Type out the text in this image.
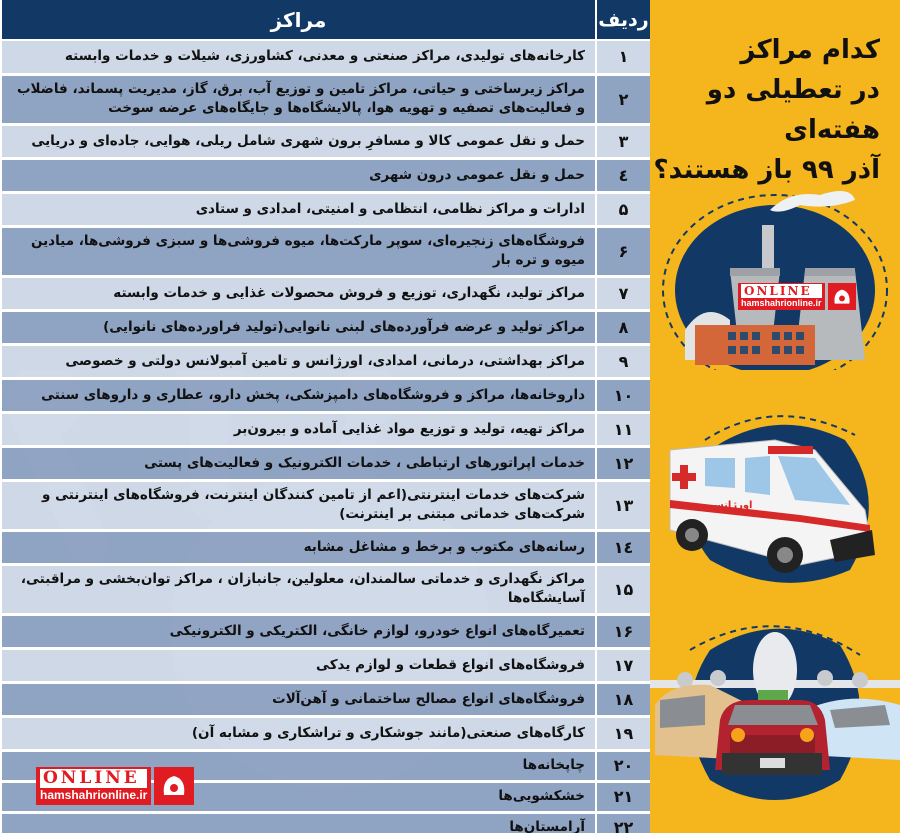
ردیف	مراکز
۱	کارخانه‌های تولیدی، مراکز صنعتی و معدنی، کشاورزی، شیلات و خدمات وابسته
۲	مراکز زیرساختی و حیاتی، مراکز تامین و توزیع آب، برق، گاز، مدیریت پسماند، فاضلاب و فعالیت‌های تصفیه و تهویه هوا، پالایشگاه‌ها و جایگاه‌های عرضه سوخت
۳	حمل و نقل عمومی کالا و مسافرِ برون شهری شامل ریلی، هوایی، جاده‌ای و دریایی
٤	حمل و نقل عمومی درون شهری
۵	ادارات و مراکز نظامی، انتظامی و امنیتی، امدادی و ستادی
۶	فروشگاه‌های زنجیره‌ای، سوپر مارکت‌ها، میوه فروشی‌ها و سبزی فروشی‌ها، میادین میوه و تره بار
۷	مراکز تولید، نگهداری، توزیع و فروش محصولات غذایی و خدمات وابسته
۸	مراکز تولید و عرضه فرآورده‌های لبنی نانوایی(تولید فراورده‌های نانوایی)
۹	مراکز بهداشتی، درمانی، امدادی، اورژانس و تامین آمبولانس دولتی و خصوصی
۱۰	داروخانه‌ها، مراکز و فروشگاه‌های دامپزشکی، پخش دارو، عطاری و داروهای سنتی
۱۱	مراکز تهیه، تولید و توزیع مواد غذایی آماده و بیرون‌بر
۱۲	خدمات اپراتورهای ارتباطی ، خدمات الکترونیک و فعالیت‌های پستی
۱۳	شرکت‌های خدمات اینترنتی(اعم از تامین کنندگان اینترنت، فروشگاه‌های اینترنتی و شرکت‌های خدماتی مبتنی بر اینترنت)
۱٤	رسانه‌های مکتوب و برخط و مشاغل مشابه
۱۵	مراکز نگهداری و خدماتی سالمندان، معلولین، جانبازان ، مراکز توان‌بخشی و مراقبتی، آسایشگاه‌ها
۱۶	تعمیرگاه‌های انواع خودرو، لوازم خانگی، الکتریکی و الکترونیکی
۱۷	فروشگاه‌های انواع قطعات و لوازم یدکی
۱۸	فروشگاه‌های انواع مصالح ساختمانی و آهن‌آلات
۱۹	کارگاه‌های صنعتی(مانند جوشکاری و تراشکاری و مشابه آن)
۲۰	چاپخانه‌ها
۲۱	خشکشویی‌ها
۲۲	آرامستان‌ها
ONLINE
hamshahrionline.ir
کدام مراکز
در تعطیلی دو هفته‌ای
آذر ۹۹ باز هستند؟
ONLINE
hamshahrionline.ir
اورژانس
